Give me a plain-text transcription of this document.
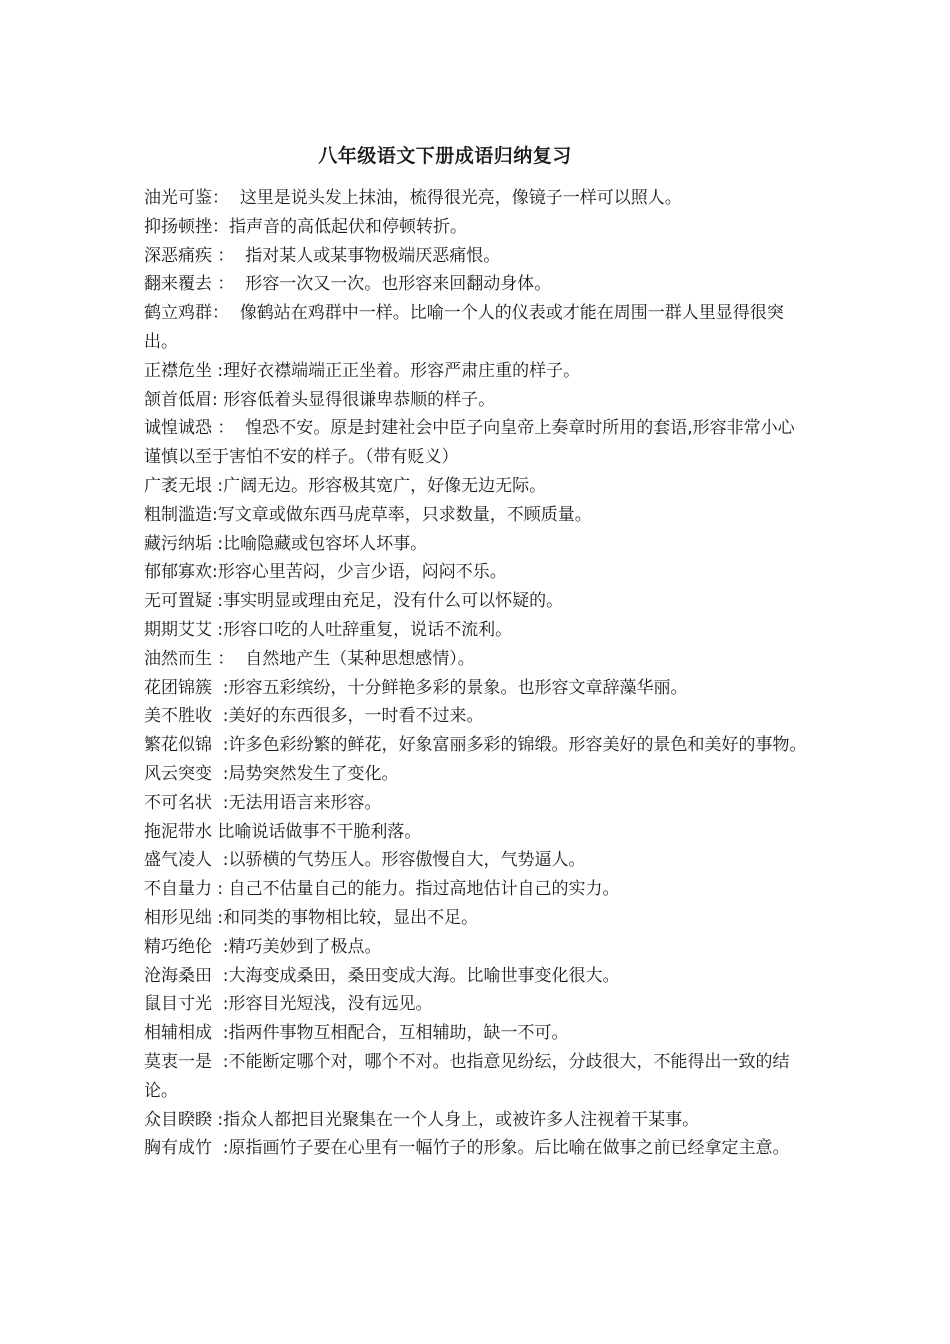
八年级语文下册成语归纳复习

油光可鉴：  这里是说头发上抹油，梳得很光亮，像镜子一样可以照人。

抑扬顿挫：指声音的高低起伏和停顿转折。

深恶痛疾 ：  指对某人或某事物极端厌恶痛恨。

翻来覆去 ：  形容一次又一次。也形容来回翻动身体。

鹤立鸡群：  像鹤站在鸡群中一样。比喻一个人的仪表或才能在周围一群人里显得很突出。

正襟危坐 :理好衣襟端端正正坐着。形容严肃庄重的样子。

颔首低眉: 形容低着头显得很谦卑恭顺的样子。

诚惶诚恐 ：  惶恐不安。原是封建社会中臣子向皇帝上奏章时所用的套语,形容非常小心谨慎以至于害怕不安的样子。（带有贬义）

广袤无垠 :广阔无边。形容极其宽广，好像无边无际。

粗制滥造:写文章或做东西马虎草率，只求数量，不顾质量。

藏污纳垢 :比喻隐藏或包容坏人坏事。

郁郁寡欢:形容心里苦闷，少言少语，闷闷不乐。

无可置疑 :事实明显或理由充足，没有什么可以怀疑的。

期期艾艾 :形容口吃的人吐辞重复，说话不流利。

油然而生 ：  自然地产生（某种思想感情）。

花团锦簇  :形容五彩缤纷，十分鲜艳多彩的景象。也形容文章辞藻华丽。

美不胜收  :美好的东西很多，一时看不过来。

繁花似锦  :许多色彩纷繁的鲜花，好象富丽多彩的锦缎。形容美好的景色和美好的事物。

风云突变  :局势突然发生了变化。

不可名状  :无法用语言来形容。

拖泥带水 比喻说话做事不干脆利落。

盛气凌人  :以骄横的气势压人。形容傲慢自大，气势逼人。

不自量力 : 自己不估量自己的能力。指过高地估计自己的实力。

相形见绌 :和同类的事物相比较，显出不足。

精巧绝伦  :精巧美妙到了极点。

沧海桑田  :大海变成桑田，桑田变成大海。比喻世事变化很大。

鼠目寸光  :形容目光短浅，没有远见。

相辅相成  :指两件事物互相配合，互相辅助，缺一不可。

莫衷一是  :不能断定哪个对，哪个不对。也指意见纷纭，分歧很大，不能得出一致的结论。

众目睽睽 :指众人都把目光聚集在一个人身上，或被许多人注视着干某事。

胸有成竹  :原指画竹子要在心里有一幅竹子的形象。后比喻在做事之前已经拿定主意。
